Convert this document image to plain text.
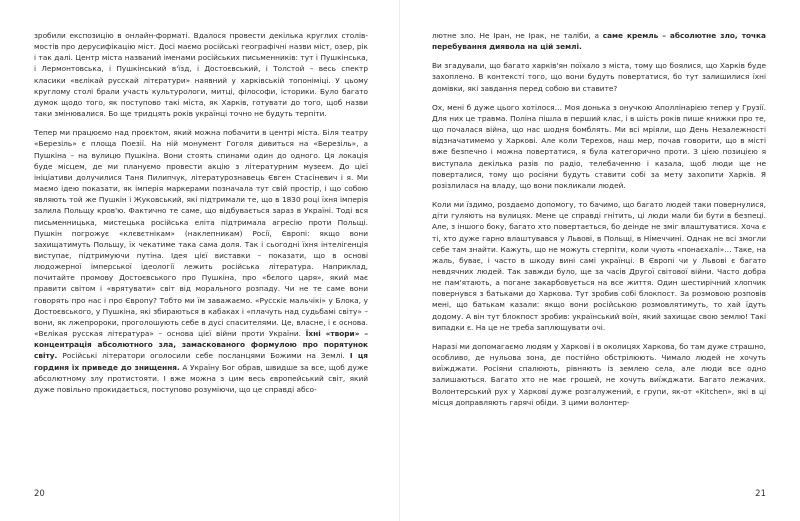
зробили експозицію в онлайн-форматі. Вдалося провести декілька круглих столів-мостів про дерусифікацію міст. Досі маємо російські географічні назви міст, озер, рік і так далі. Центр міста названий іменами російських письменників: тут і Пушкінська, і Лермонтовська, і Пушкінський в'їзд, і Достоєвський, і Толстой – весь спектр класики «вєлікай русскай літєратури» наявний у харківській топоніміці. У цьому круглому столі брали участь культурологи, митці, філософи, історики. Було багато думок щодо того, як поступово такі міста, як Харків, готувати до того, щоб назви таки змінювалися. Бо ще тридцять років українці точно не будуть терпіти.

Тепер ми працюємо над проєктом, який можна побачити в центрі міста. Біля театру «Березіль» є площа Поезії. На ній монумент Гоголя дивиться на «Березіль», а Пушкіна – на вулицю Пушкіна. Вони стоять спинами один до одного. Ця локація буде місцем, де ми плануємо провести акцію з літературним музеєм. До цієї ініціативи долучилися Таня Пилипчук, літературознавець Євген Стасіневич і я. Ми маємо ідею показати, як імперія маркерами позначала тут свій простір, і що собою являють той же Пушкін і Жуковський, які підтримали те, що в 1830 році їхня імперія залила Польщу кров'ю. Фактично те саме, що відбувається зараз в Україні. Тоді вся письменницька, мистецька російська еліта підтримала агресію проти Польщі. Пушкін погрожує «клєвєтнікам» (наклепникам) Росії, Європі: якщо вони захищатимуть Польщу, їх чекатиме така сама доля. Так і сьогодні їхня інтелігенція виступає, підтримуючи путіна. Ідея цієї виставки – показати, що в основі людожерної імперської ідеології лежить російська література. Наприклад, почитайте промову Достоєвського про Пушкіна, про «бєлого царя», який має правити світом і «врятувати» світ від морального розпаду. Чи не те саме вони говорять про нас і про Європу? Тобто ми їм заважаємо. «Русскіє мальчікі» у Блока, у Достоєвського, у Пушкіна, які збираються в кабаках і «плачуть над судьбамі світу» – вони, як лжепророки, проголошують себе в дусі спасителями. Це, власне, і є основа. «Вєлікая русская літєратура» – основа цієї війни проти України. Їхні «твори» – концентрація абсолютного зла, замаскованого формулою про порятунок світу. Російські літератори оголосили себе посланцями Божими на Землі. І ця гординя їх приведе до знищення. А Україну Бог обрав, швидше за все, щоб дуже абсолютному злу протистояти. І вже можна з цим весь європейський світ, який дуже повільно прокидається, поступово розуміючи, що це справді абсо-

20

лютне зло. Не Іран, не Ірак, не таліби, а саме кремль – абсолютне зло, точка перебування диявола на цій землі.

Ви згадували, що багато харків'ян поїхало з міста, тому що боялися, що Харків буде захоплено. В контексті того, що вони будуть повертатися, бо тут залишилися їхні домівки, які завдання перед собою ви ставите?

Ох, мені б дуже цього хотілося… Моя донька з онучкою Аполлінарією тепер у Грузії. Для них це травма. Поліна пішла в перший клас, і в шість років пише книжки про те, що почалася війна, що нас шодня бомблять. Ми всі мріяли, що День Незалежності відзначатимемо у Харкові. Але коли Терехов, наш мер, почав говорити, що в місті вже безпечно і можна повертатися, я була категорично проти. З цією позицією я виступала декілька разів по радіо, телебаченню і казала, щоб люди ще не поверталися, тому що росіяни будуть ставити собі за мету захопити Харків. Я розізлилася на владу, що вони покликали людей.

Коли ми їздимо, роздаємо допомогу, то бачимо, що багато людей таки повернулися, діти гуляють на вулицях. Мене це справді гнітить, ці люди мали би бути в безпеці. Але, з іншого боку, багато хто повертається, бо деінде не зміг влаштуватися. Хоча є ті, хто дуже гарно влаштувався у Львові, в Польщі, в Німеччині. Однак не всі змогли себе там знайти. Кажуть, що не можуть стерпіти, коли чують «понаєхалі»… Таке, на жаль, буває, і часто в шкоду вині самі українці. В Європі чи у Львові є багато невдячних людей. Так завжди було, ще за часів Другої світової війни. Часто добра не пам'ятають, а погане закарбовується на все життя. Один шестирічний хлопчик повернувся з батьками до Харкова. Тут зробив собі блокпост. За розмовою розповів мені, що батькам казали: якщо вони російською розмовлятимуть, то хай їдуть додому. А він тут блокпост зробив: український воїн, який захищає свою землю! Такі випадки є. На це не треба заплющувати очі.

Наразі ми допомагаємо людям у Харкові і в околицях Харкова, бо там дуже страшно, особливо, де нульова зона, де постійно обстрілюють. Чимало людей не хочуть виїжджати. Росіяни спалюють, рівняють із землею села, але люди все одно залишаються. Багато хто не має грошей, не хочуть виїжджати. Багато лежачих. Волонтерський рух у Харкові дуже розгалужений, є групи, як-от «Kitchen», які в ці місця доправляють гарячі обіди. З цими волонтер-

21
